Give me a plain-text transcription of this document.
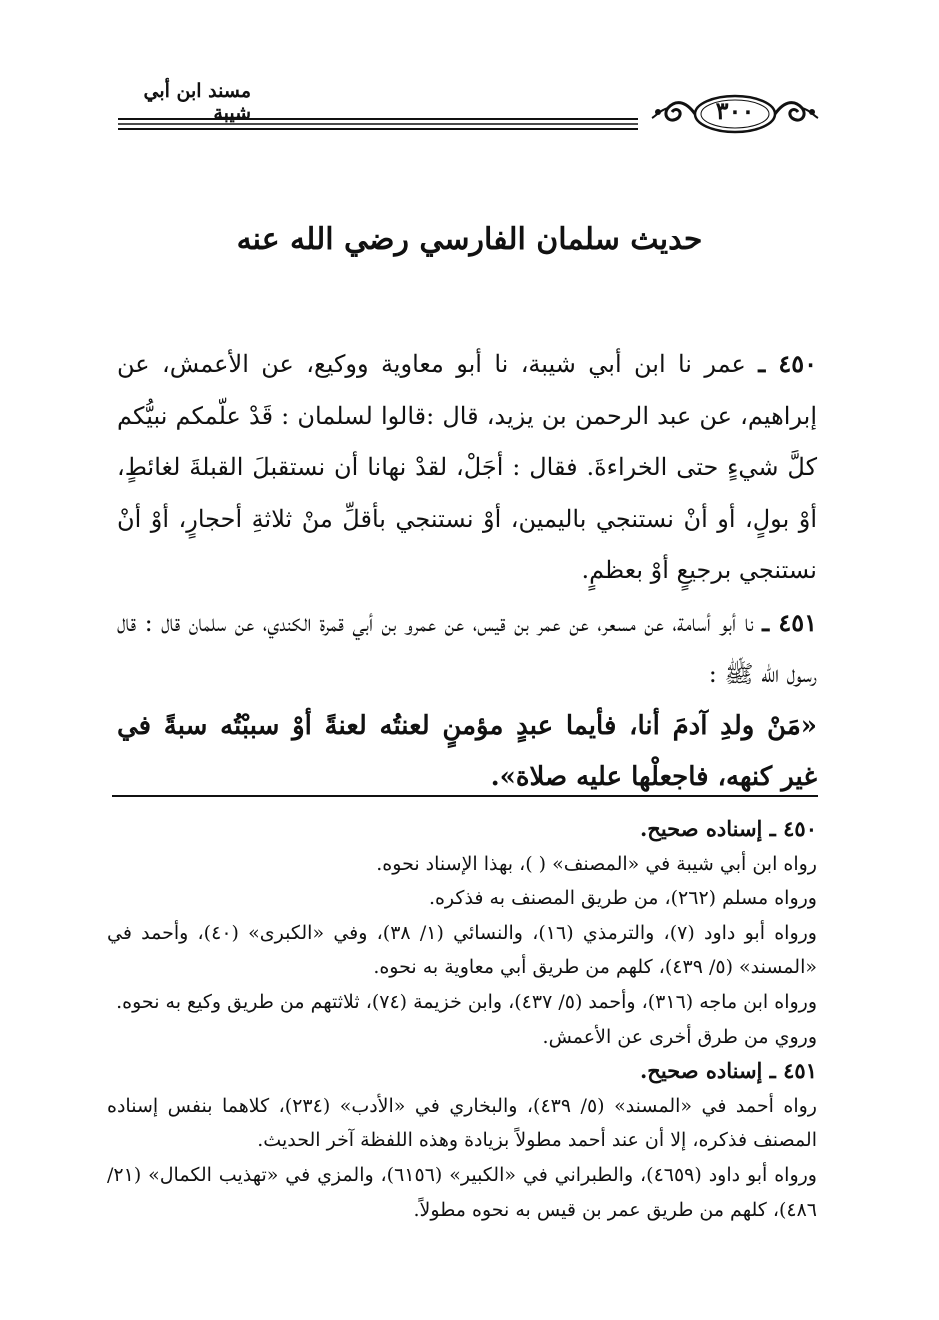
مسند ابن أبي شيبة	٣٠٠
حديث سلمان الفارسي رضي الله عنه

٤٥٠ ـ عمر نا ابن أبي شيبة، نا أبو معاوية ووكيع، عن الأعمش، عن إبراهيم، عن عبد الرحمن بن يزيد، قال :قالوا لسلمان : قَدْ علّمكم نبيُّكم كلَّ شيءٍ حتى الخراءةَ. فقال : أجَلْ، لقدْ نهانا أن نستقبلَ القبلةَ لغائطٍ، أوْ بولٍ، أو أنْ نستنجي باليمين، أوْ نستنجي بأقلِّ منْ ثلاثةِ أحجارٍ، أوْ أنْ نستنجي برجيعٍ أوْ بعظمٍ.

٤٥١ ـ نا أبو أسامة، عن مسعر، عن عمر بن قيس، عن عمرو بن أبي قمرة الكندي، عن سلمان قال : قال رسول الله ﷺ :

«مَنْ ولدِ آدمَ أنا، فأيما عبدٍ مؤمنٍ لعنتُه لعنةً أوْ سببْتُه سبةً في غير كنهه، فاجعلْها عليه صلاة».

٤٥٠ ـ إسناده صحيح.

رواه ابن أبي شيبة في «المصنف» ( )، بهذا الإسناد نحوه.

ورواه مسلم (٢٦٢)، من طريق المصنف به فذكره.

ورواه أبو داود (٧)، والترمذي (١٦)، والنسائي (١/ ٣٨)، وفي «الكبرى» (٤٠)، وأحمد في «المسند» (٥/ ٤٣٩)، كلهم من طريق أبي معاوية به نحوه.

ورواه ابن ماجه (٣١٦)، وأحمد (٥/ ٤٣٧)، وابن خزيمة (٧٤)، ثلاثتهم من طريق وكيع به نحوه.

وروي من طرق أخرى عن الأعمش.

٤٥١ ـ إسناده صحيح.

رواه أحمد في «المسند» (٥/ ٤٣٩)، والبخاري في «الأدب» (٢٣٤)، كلاهما بنفس إسناده المصنف فذكره، إلا أن عند أحمد مطولاً بزيادة وهذه اللفظة آخر الحديث.

ورواه أبو داود (٤٦٥٩)، والطبراني في «الكبير» (٦١٥٦)، والمزي في «تهذيب الكمال» (٢١/ ٤٨٦)، كلهم من طريق عمر بن قيس به نحوه مطولاً.
